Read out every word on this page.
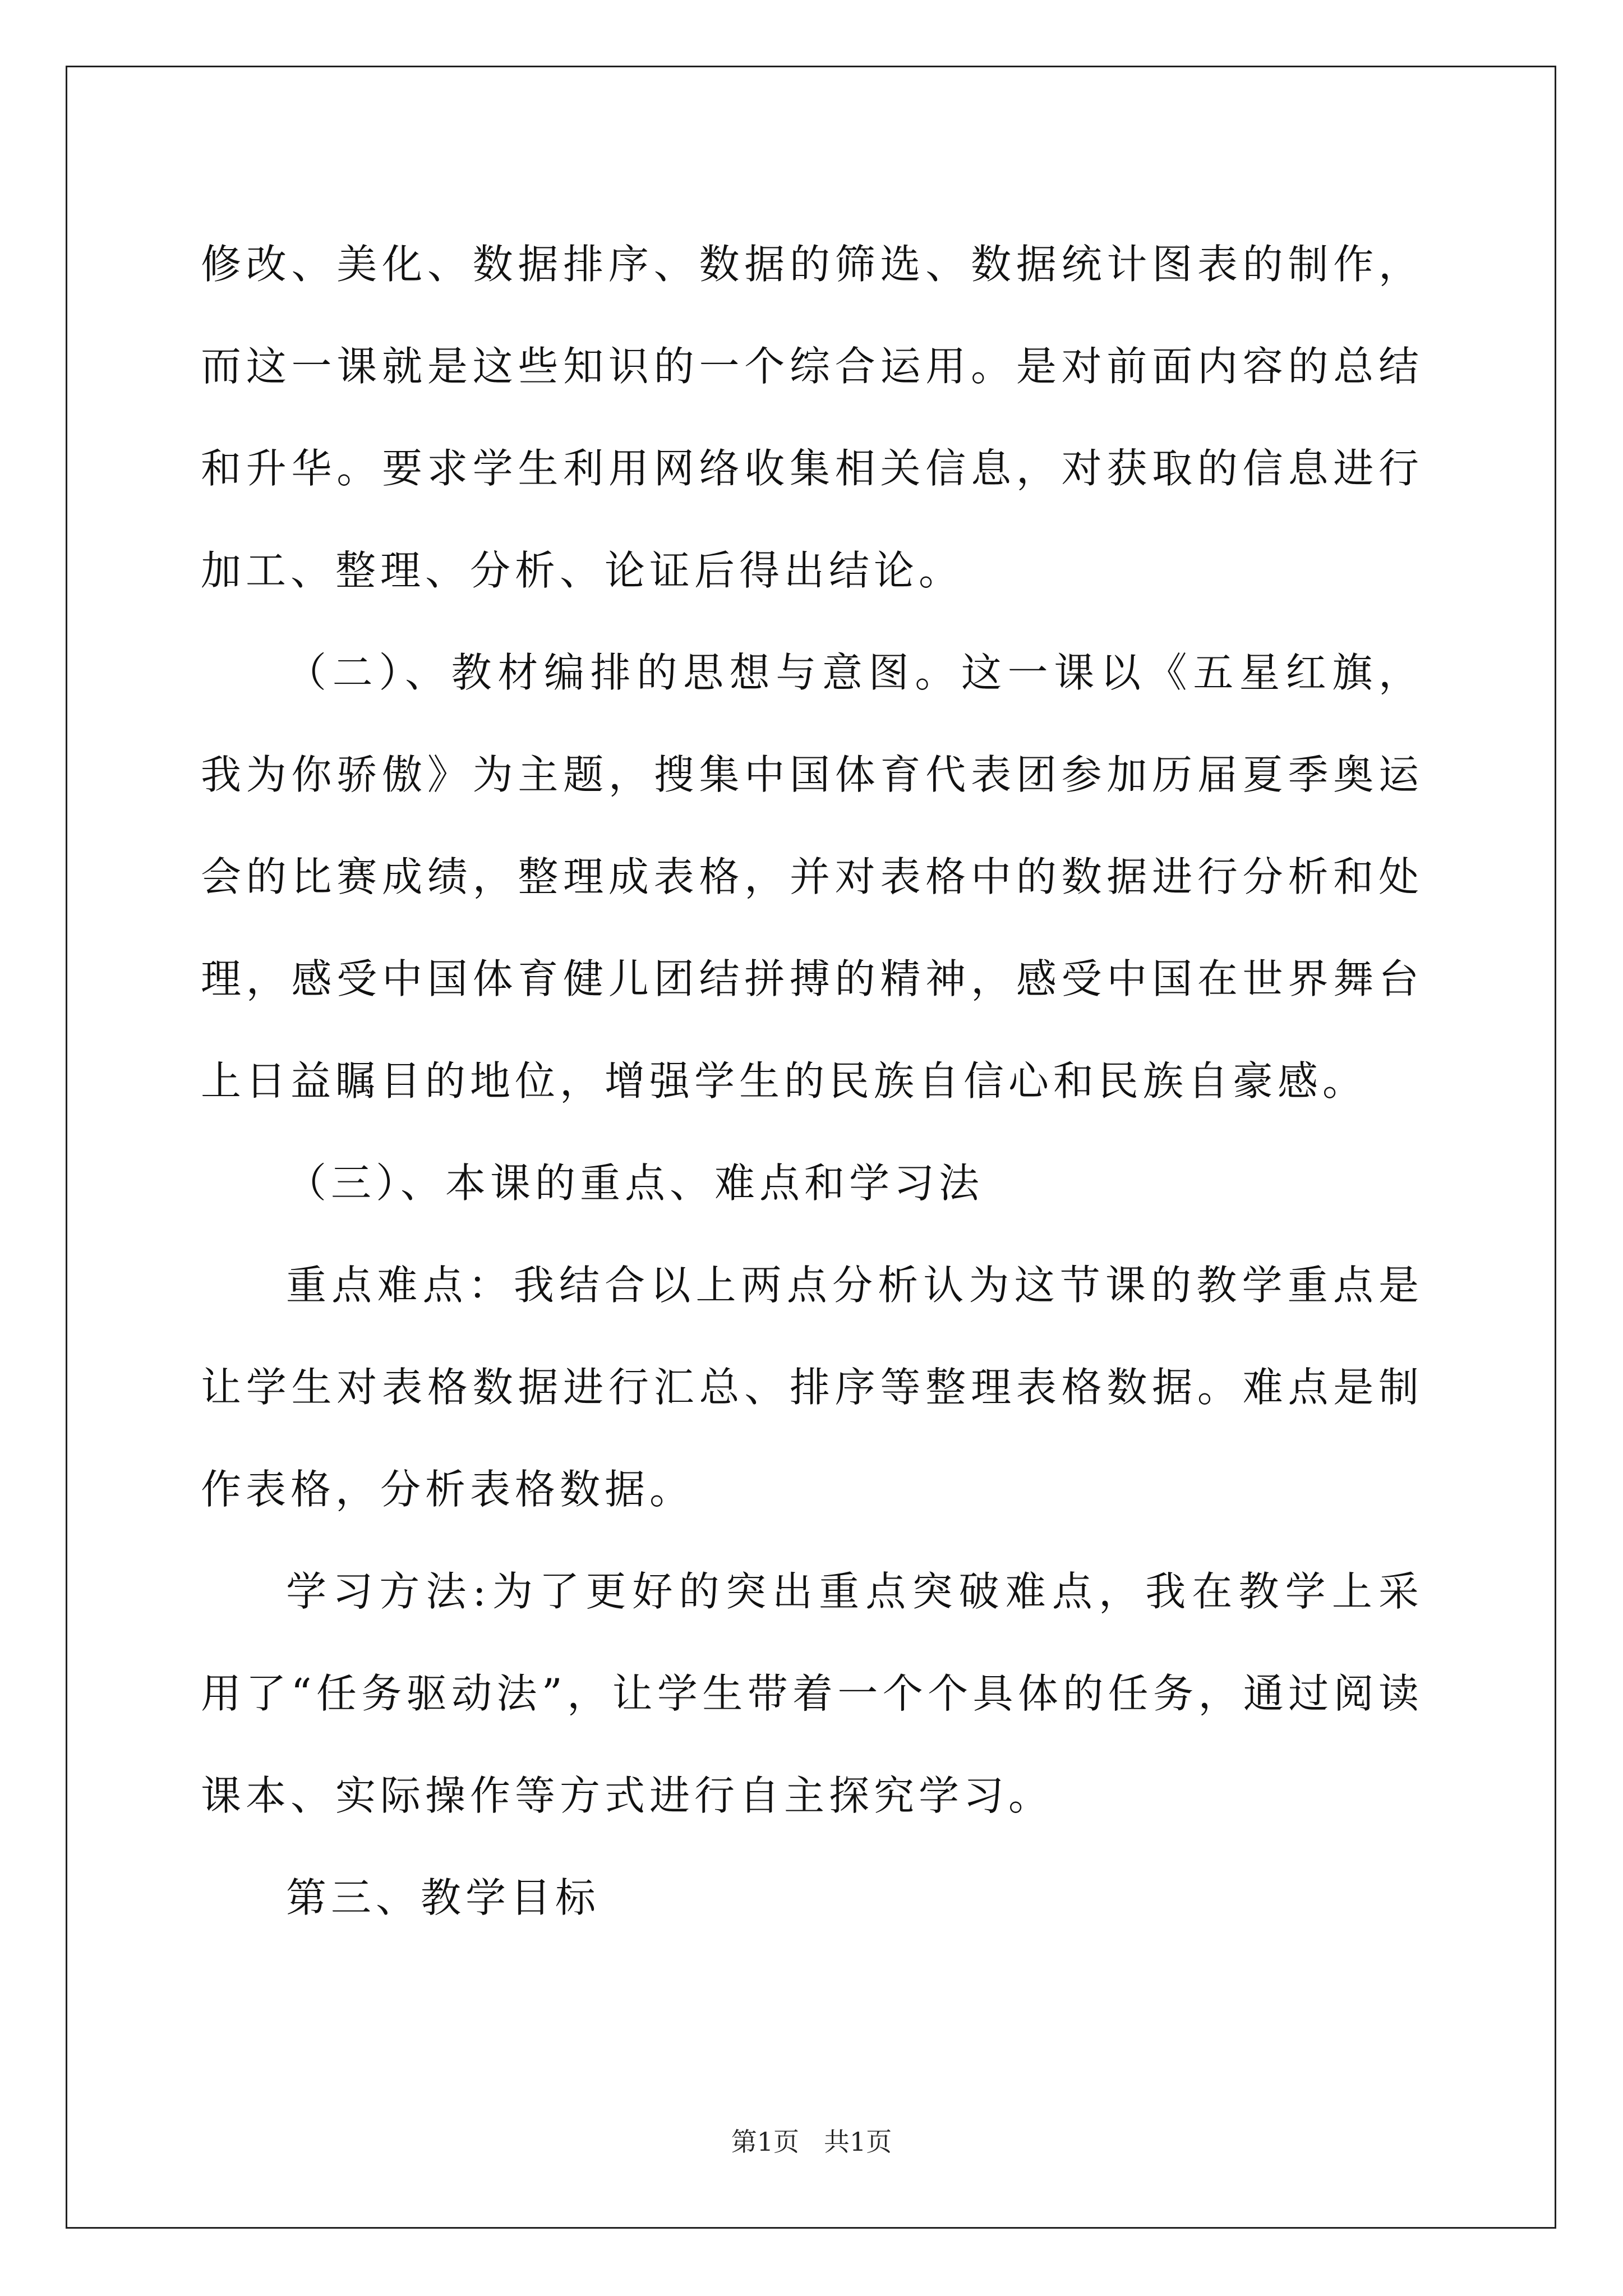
修改、美化、数据排序、数据的筛选、数据统计图表的制作，而这一课就是这些知识的一个综合运用。是对前面内容的总结和升华。要求学生利用网络收集相关信息，对获取的信息进行加工、整理、分析、论证后得出结论。

（二）、教材编排的思想与意图。这一课以《五星红旗，我为你骄傲》为主题，搜集中国体育代表团参加历届夏季奥运会的比赛成绩，整理成表格，并对表格中的数据进行分析和处理，感受中国体育健儿团结拼搏的精神，感受中国在世界舞台上日益瞩目的地位，增强学生的民族自信心和民族自豪感。

（三）、本课的重点、难点和学习法

重点难点：我结合以上两点分析认为这节课的教学重点是让学生对表格数据进行汇总、排序等整理表格数据。难点是制作表格，分析表格数据。

学习方法:为了更好的突出重点突破难点，我在教学上采用了“任务驱动法”，让学生带着一个个具体的任务，通过阅读课本、实际操作等方式进行自主探究学习。

第三、教学目标

第1页 共1页
